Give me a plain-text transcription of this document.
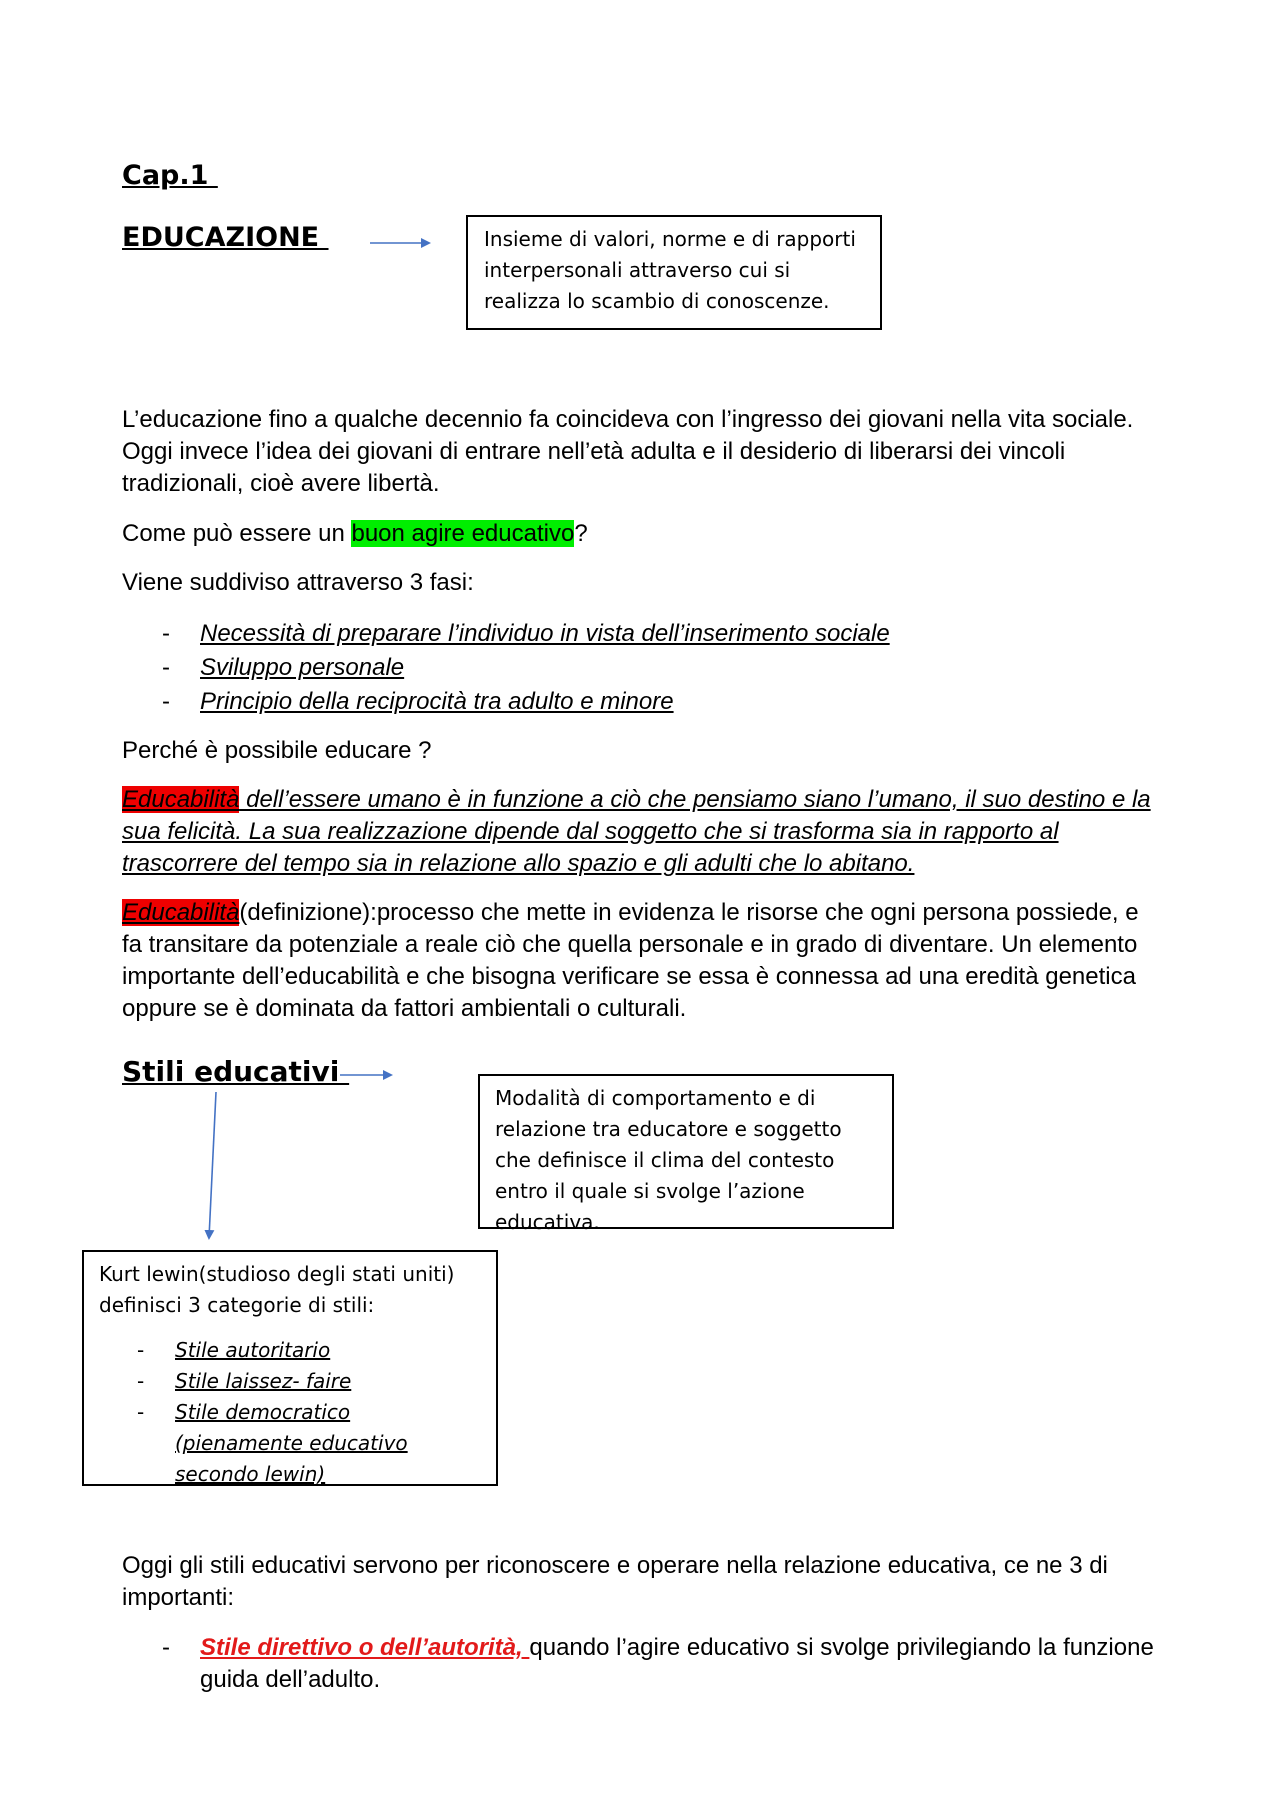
Cap.1
EDUCAZIONE	Insieme di valori, norme e di rapporti interpersonali attraverso cui si realizza lo scambio di conoscenze.

L’educazione fino a qualche decennio fa coincideva con l’ingresso dei giovani nella vita sociale. Oggi invece l’idea dei giovani di entrare nell’età adulta e il desiderio di liberarsi dei vincoli tradizionali, cioè avere libertà.

Come può essere un buon agire educativo?

Viene suddiviso attraverso 3 fasi:

- Necessità di preparare l’individuo in vista dell’inserimento sociale
- Sviluppo personale
- Principio della reciprocità tra adulto e minore

Perché è possibile educare ?

Educabilità dell’essere umano è in funzione a ciò che pensiamo siano l’umano, il suo destino e la sua felicità. La sua realizzazione dipende dal soggetto che si trasforma sia in rapporto al trascorrere del tempo sia in relazione allo spazio e gli adulti che lo abitano.

Educabilità(definizione):processo che mette in evidenza le risorse che ogni persona possiede, e fa transitare da potenziale a reale ciò che quella personale e in grado di diventare. Un elemento importante dell’educabilità e che bisogna verificare se essa è connessa ad una eredità genetica oppure se è dominata da fattori ambientali o culturali.

Stili educativi
Modalità di comportamento e di relazione tra educatore e soggetto che definisce il clima del contesto entro il quale si svolge l’azione educativa.
Kurt lewin(studioso degli stati uniti) definisci 3 categorie di stili:
- Stile autoritario
- Stile laissez- faire
- Stile democratico (pienamente educativo secondo lewin)

Oggi gli stili educativi servono per riconoscere e operare nella relazione educativa, ce ne 3 di importanti:

- Stile direttivo o dell’autorità, quando l’agire educativo si svolge privilegiando la funzione guida dell’adulto.
